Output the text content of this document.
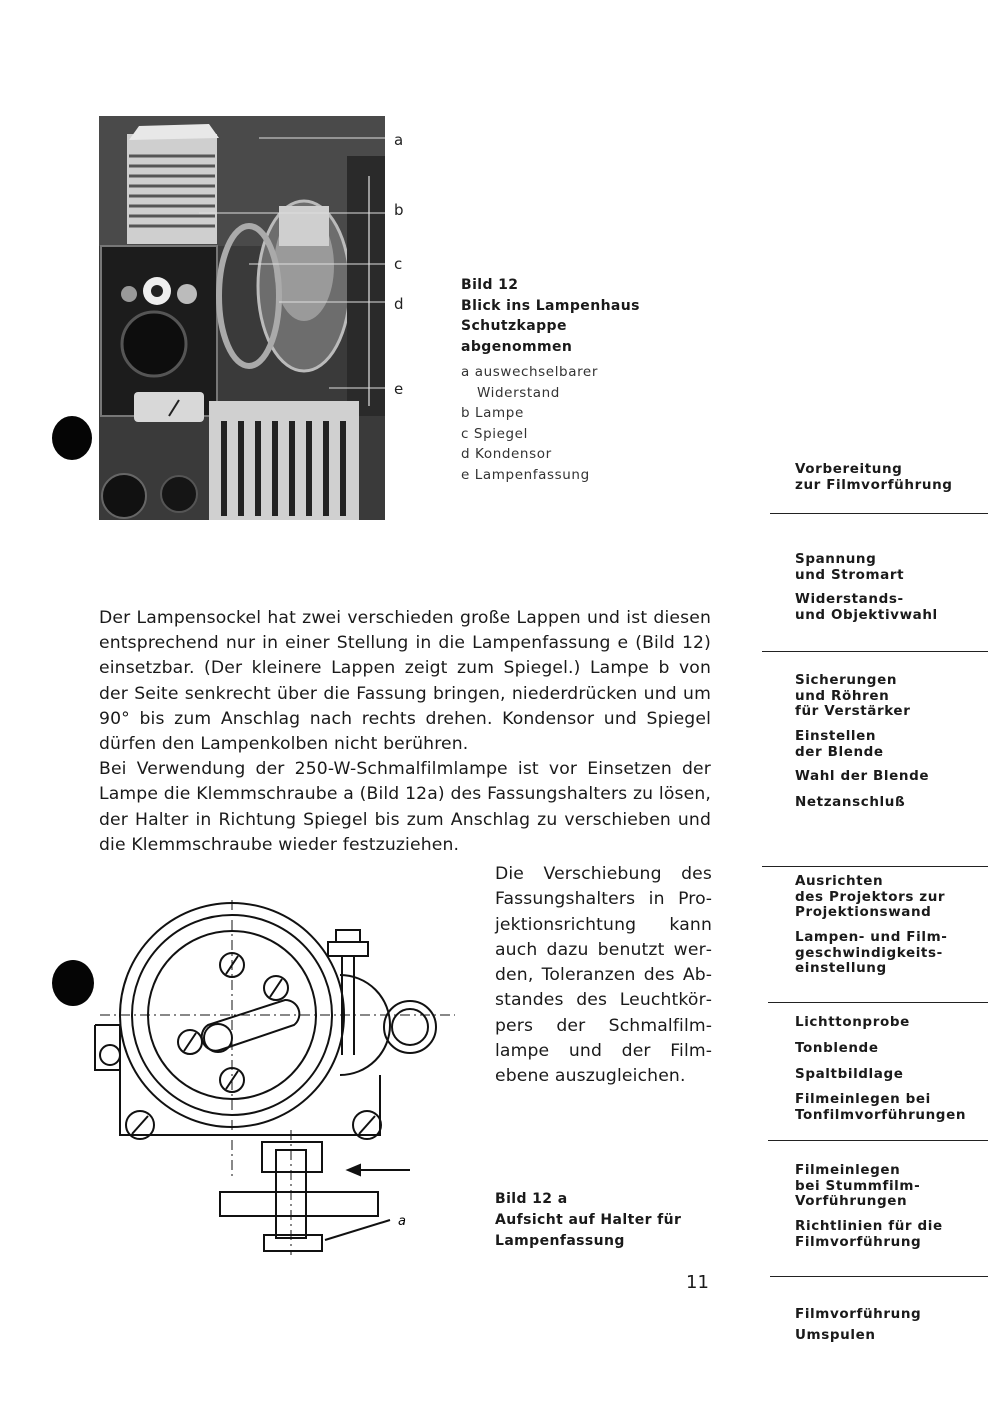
a
b
c
d
e
Bild 12
Blick ins Lampenhaus
Schutzkappe
abgenommen
a auswechselbarer
Widerstand
b Lampe
c Spiegel
d Kondensor
e Lampenfassung

Der Lampensockel hat zwei verschieden große Lappen und ist diesen entsprechend nur in einer Stellung in die Lampenfassung e (Bild 12) einsetzbar. (Der kleinere Lappen zeigt zum Spiegel.) Lampe b von der Seite senkrecht über die Fassung bringen, niederdrücken und um 90° bis zum Anschlag nach rechts drehen. Kondensor und Spiegel dürfen den Lampenkolben nicht berühren.

Bei Verwendung der 250-W-Schmalfilmlampe ist vor Einsetzen der Lampe die Klemmschraube a (Bild 12a) des Fassungshalters zu lösen, der Halter in Richtung Spiegel bis zum Anschlag zu verschieben und die Klemmschraube wieder festzuziehen.

Die Verschiebung des Fassungshalters in Projektionsrichtung kann auch dazu benutzt werden, Toleranzen des Abstandes des Leuchtkörpers der Schmalfilmlampe und der Filmebene auszugleichen.
a
Bild 12 a
Aufsicht auf Halter für
Lampenfassung
11
Vorbereitung
zur Filmvorführung
Spannung
und Stromart
Widerstands-
und Objektivwahl
Sicherungen
und Röhren
für Verstärker
Einstellen
der Blende
Wahl der Blende
Netzanschluß
Ausrichten
des Projektors zur
Projektionswand
Lampen- und Film-
geschwindigkeits-
einstellung
Lichttonprobe
Tonblende
Spaltbildlage
Filmeinlegen bei
Tonfilmvorführungen
Filmeinlegen
bei Stummfilm-
Vorführungen
Richtlinien für die
Filmvorführung
Filmvorführung
Umspulen
